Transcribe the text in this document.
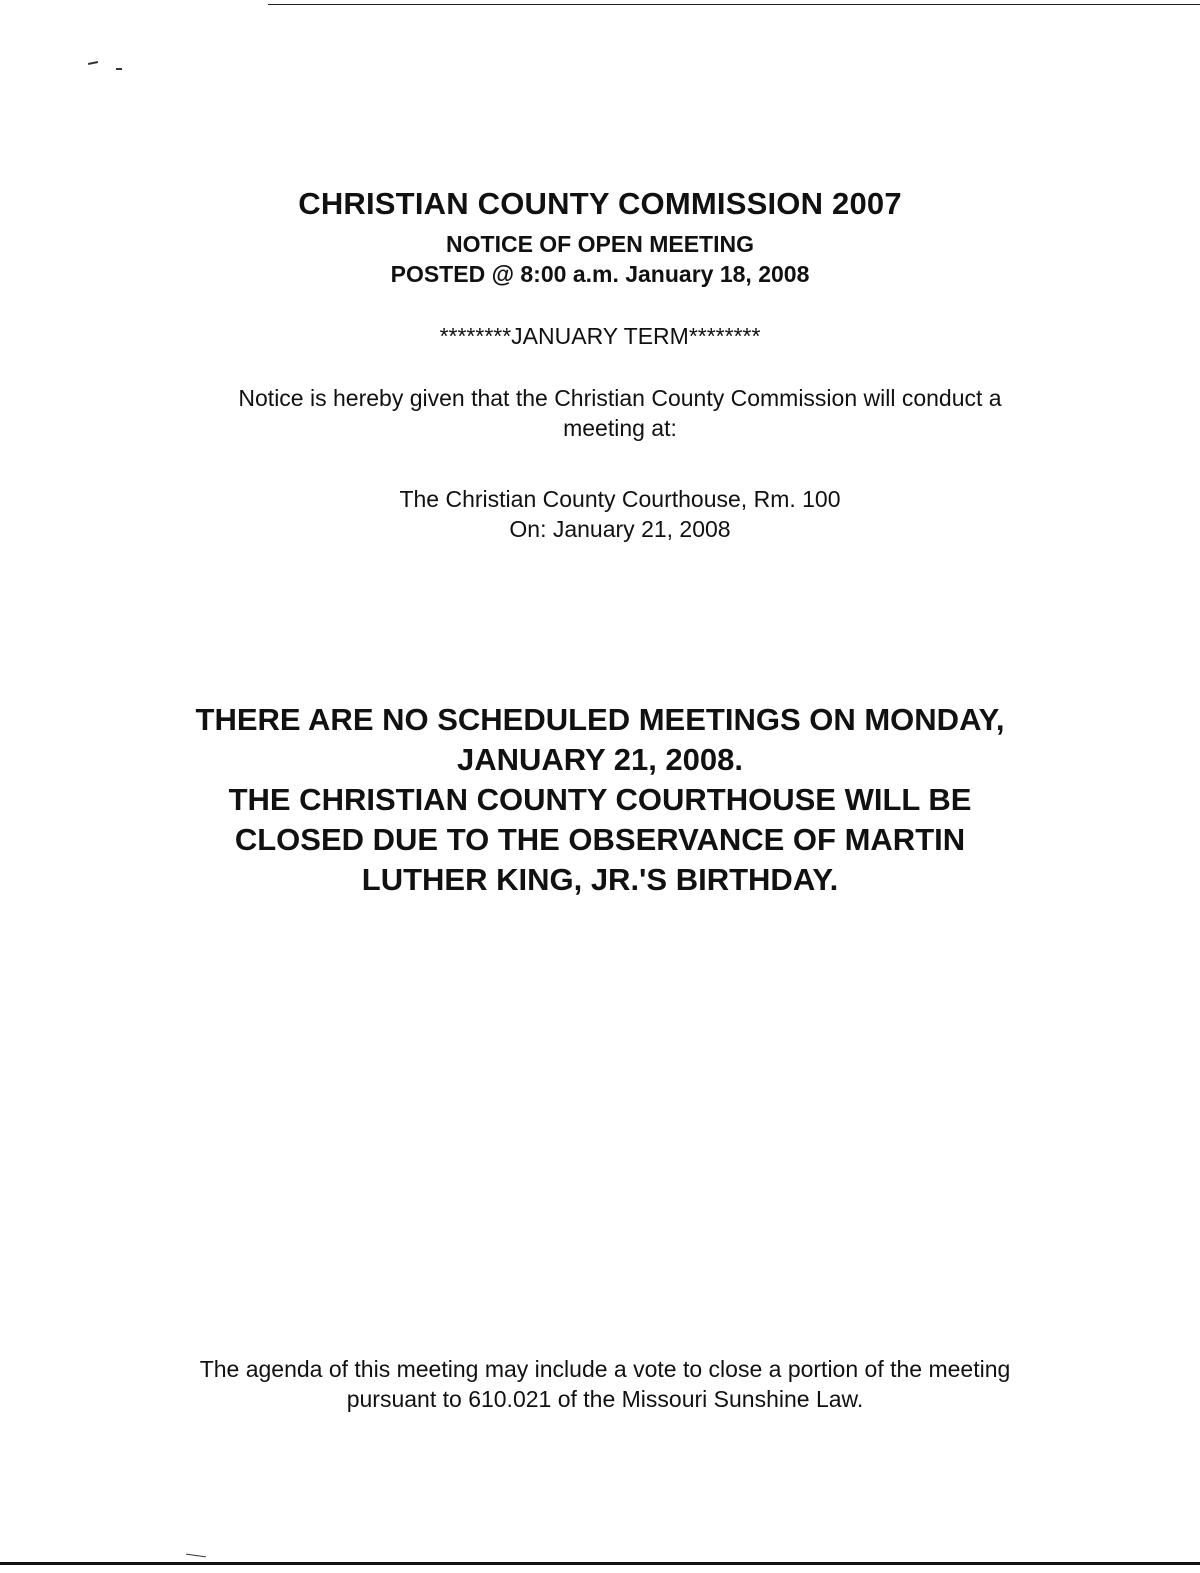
CHRISTIAN COUNTY COMMISSION 2007
NOTICE OF OPEN MEETING
POSTED @ 8:00 a.m. January 18, 2008
********JANUARY TERM********
Notice is hereby given that the Christian County Commission will conduct a
meeting at:
The Christian County Courthouse, Rm. 100
On: January 21, 2008
THERE ARE NO SCHEDULED MEETINGS ON MONDAY,
JANUARY 21, 2008.
THE CHRISTIAN COUNTY COURTHOUSE WILL BE
CLOSED DUE TO THE OBSERVANCE OF MARTIN
LUTHER KING, JR.'S BIRTHDAY.
The agenda of this meeting may include a vote to close a portion of the meeting
pursuant to 610.021 of the Missouri Sunshine Law.
